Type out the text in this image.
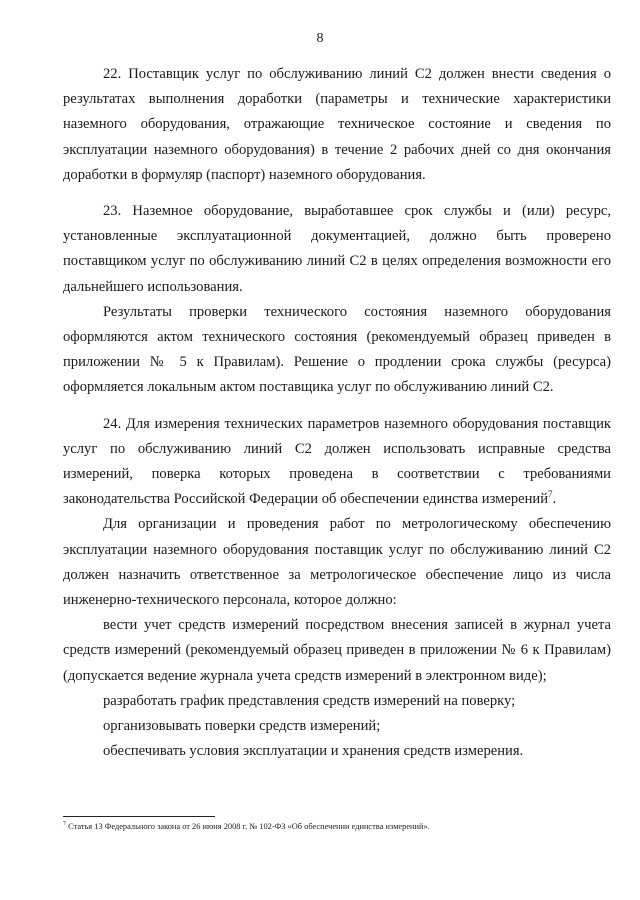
8

22. Поставщик услуг по обслуживанию линий С2 должен внести сведения о результатах выполнения доработки (параметры и технические характеристики наземного оборудования, отражающие техническое состояние и сведения по эксплуатации наземного оборудования) в течение 2 рабочих дней со дня окончания доработки в формуляр (паспорт) наземного оборудования.

23. Наземное оборудование, выработавшее срок службы и (или) ресурс, установленные эксплуатационной документацией, должно быть проверено поставщиком услуг по обслуживанию линий С2 в целях определения возможности его дальнейшего использования.

Результаты проверки технического состояния наземного оборудования оформляются актом технического состояния (рекомендуемый образец приведен в приложении № 5 к Правилам). Решение о продлении срока службы (ресурса) оформляется локальным актом поставщика услуг по обслуживанию линий С2.

24. Для измерения технических параметров наземного оборудования поставщик услуг по обслуживанию линий С2 должен использовать исправные средства измерений, поверка которых проведена в соответствии с требованиями законодательства Российской Федерации об обеспечении единства измерений$^7$.

Для организации и проведения работ по метрологическому обеспечению эксплуатации наземного оборудования поставщик услуг по обслуживанию линий С2 должен назначить ответственное за метрологическое обеспечение лицо из числа инженерно-технического персонала, которое должно:

вести учет средств измерений посредством внесения записей в журнал учета средств измерений (рекомендуемый образец приведен в приложении № 6 к Правилам) (допускается ведение журнала учета средств измерений в электронном виде);

разработать график представления средств измерений на поверку;

организовывать поверки средств измерений;

обеспечивать условия эксплуатации и хранения средств измерения.

$^7$ Статья 13 Федерального закона от 26 июня 2008 г. № 102-ФЗ «Об обеспечении единства измерений».
